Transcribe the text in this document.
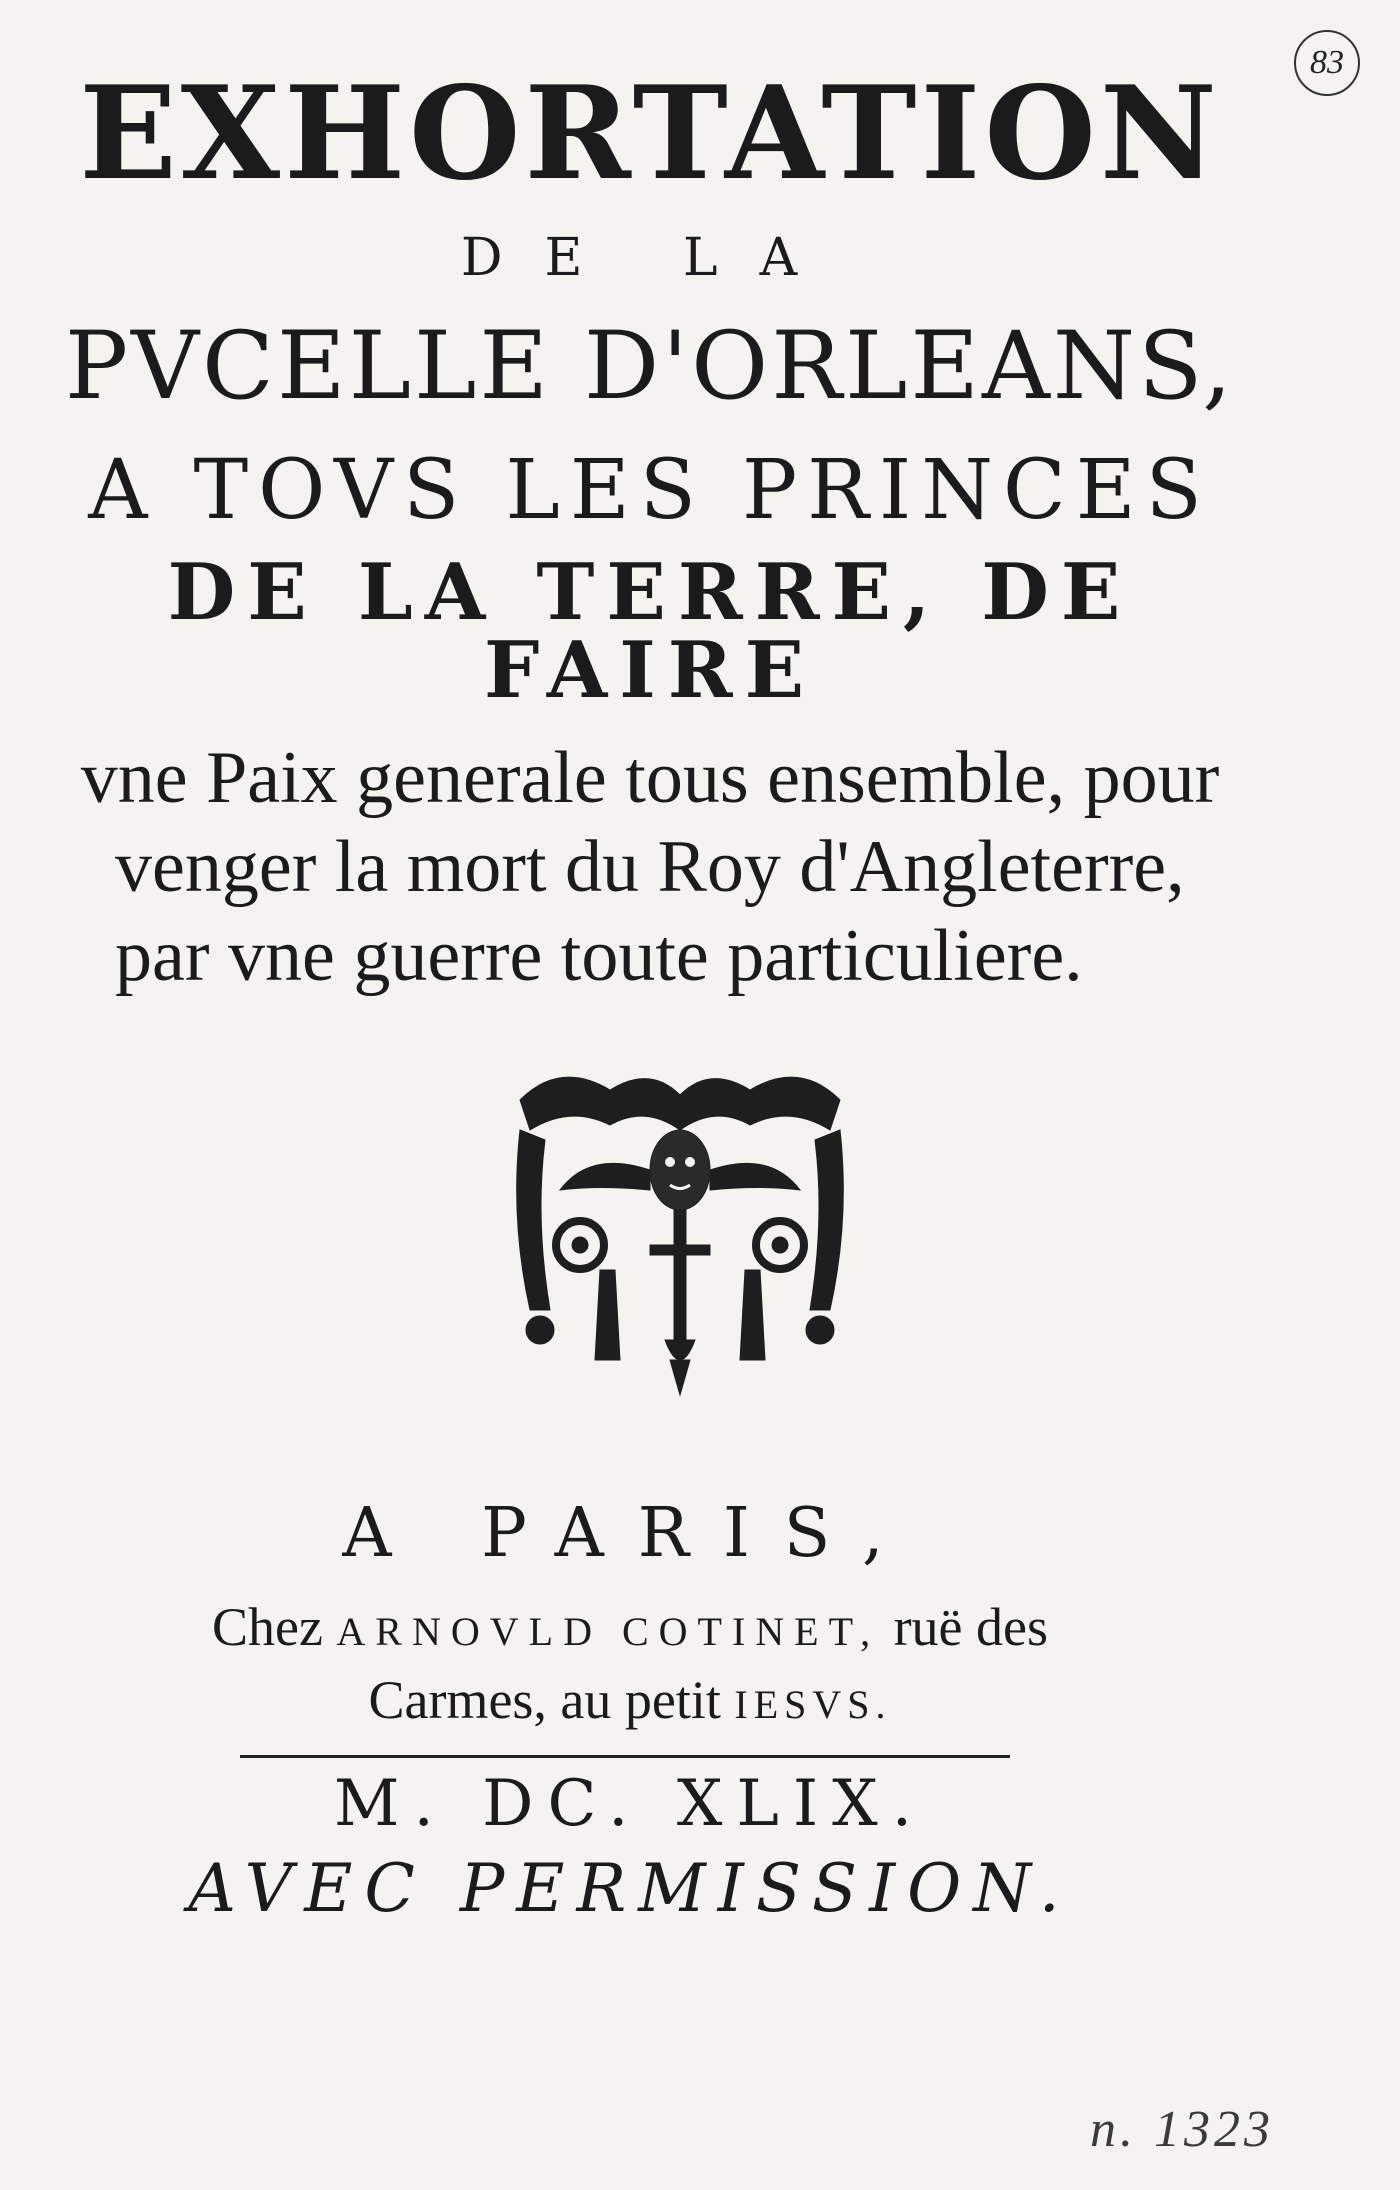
83

EXHORTATION

DE LA

PVCELLE D'ORLEANS,

A TOVS LES PRINCES

DE LA TERRE, DE FAIRE

vne Paix generale tous ensemble, pour

venger la mort du Roy d'Angleterre,

par vne guerre toute particuliere.

A PARIS,

Chez ARNOVLD COTINET, ruë des

Carmes, au petit IESVS.

M. DC. XLIX.

AVEC PERMISSION.

n. 1323
